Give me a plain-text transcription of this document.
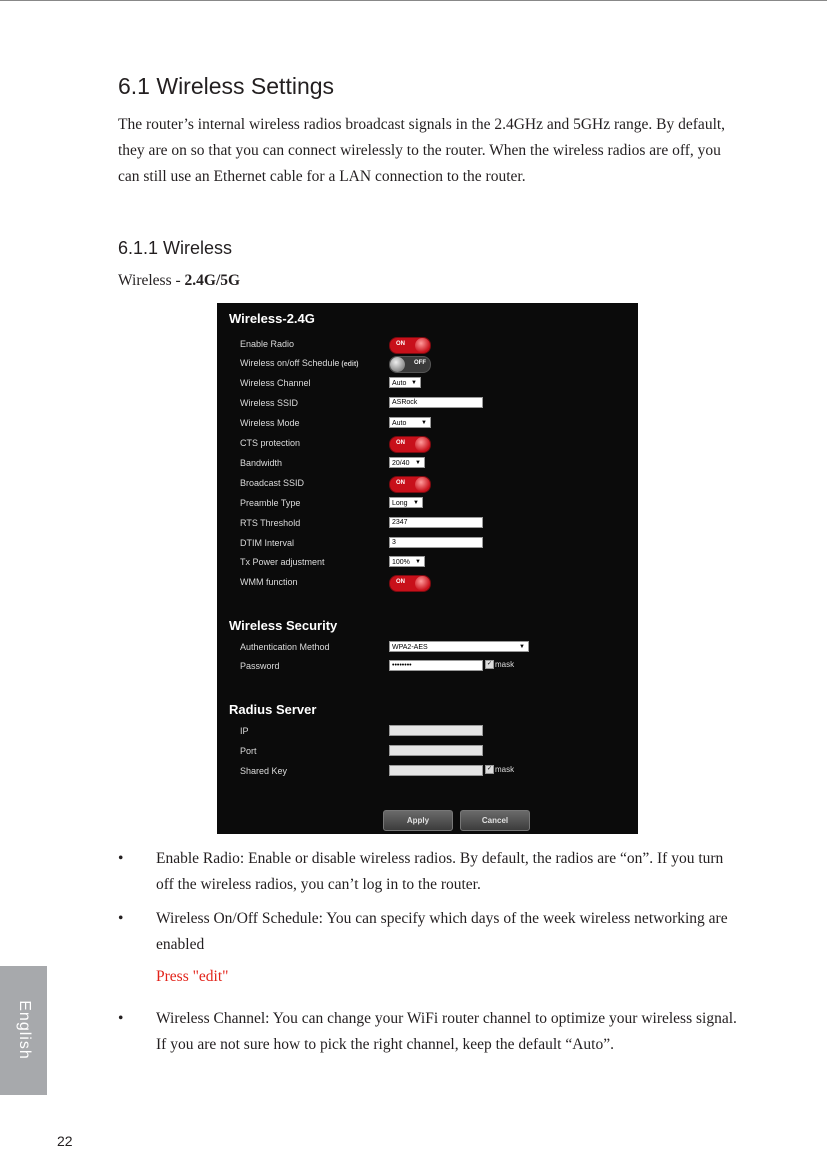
6.1 Wireless Settings

The router’s internal wireless radios broadcast signals in the 2.4GHz and 5GHz range. By default, they are on so that you can connect wirelessly to the router. When the wireless radios are off, you can still use an Ethernet cable for a LAN connection to the router.

6.1.1 Wireless
Wireless - 2.4G/5G
Wireless-2.4G
Enable Radio	ON
Wireless on/off Schedule (edit)	OFF
Wireless Channel	Auto ▼
Wireless SSID	ASRock
Wireless Mode	Auto ▼
CTS protection	ON
Bandwidth	20/40 ▼
Broadcast SSID	ON
Preamble Type	Long ▼
RTS Threshold	2347
DTIM Interval	3
Tx Power adjustment	100% ▼
WMM function	ON
Wireless Security
Authentication Method	WPA2-AES	▼
Password	••••••••	✓ mask
Radius Server
IP
Port
Shared Key	✓ mask
Apply	Cancel
• Enable Radio: Enable or disable wireless radios. By default, the radios are “on”. If you turn off the wireless radios, you can’t log in to the router.
• Wireless On/Off Schedule: You can specify which days of the week wireless networking are enabled
Press "edit"
• Wireless Channel: You can change your WiFi router channel to optimize your wireless signal. If you are not sure how to pick the right channel, keep the default “Auto”.
English
22
